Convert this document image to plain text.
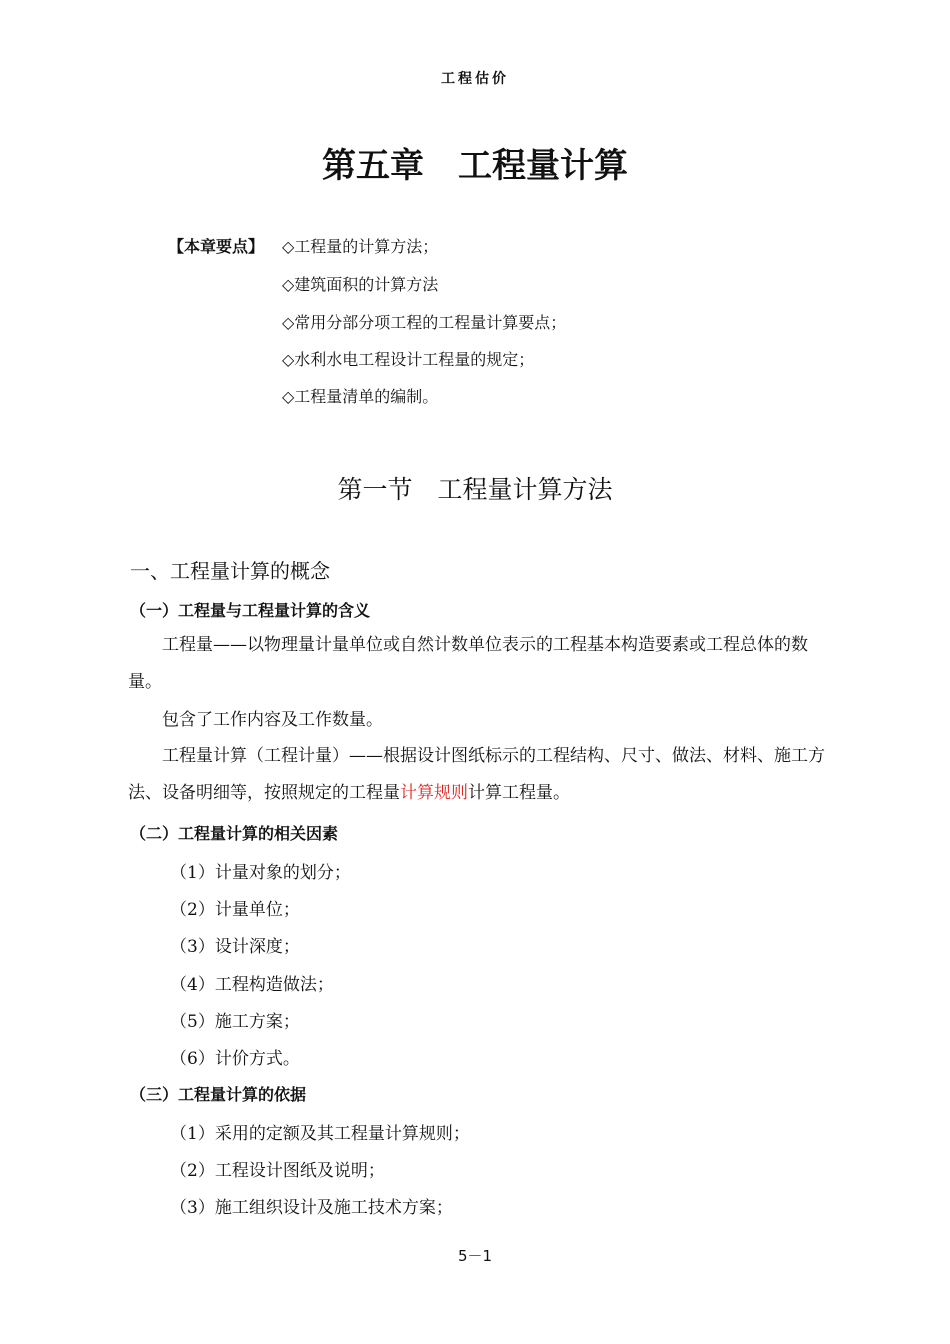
工程估价
第五章　工程量计算
【本章要点】 ◇工程量的计算方法；
◇建筑面积的计算方法
◇常用分部分项工程的工程量计算要点；
◇水利水电工程设计工程量的规定；
◇工程量清单的编制。
第一节　工程量计算方法
一、工程量计算的概念
（一）工程量与工程量计算的含义
工程量——以物理量计量单位或自然计数单位表示的工程基本构造要素或工程总体的数量。
包含了工作内容及工作数量。
工程量计算（工程计量）——根据设计图纸标示的工程结构、尺寸、做法、材料、施工方法、设备明细等，按照规定的工程量计算规则计算工程量。
（二）工程量计算的相关因素
（1）计量对象的划分；
（2）计量单位；
（3）设计深度；
（4）工程构造做法；
（5）施工方案；
（6）计价方式。
（三）工程量计算的依据
（1）采用的定额及其工程量计算规则；
（2）工程设计图纸及说明；
（3）施工组织设计及施工技术方案；
5－1
